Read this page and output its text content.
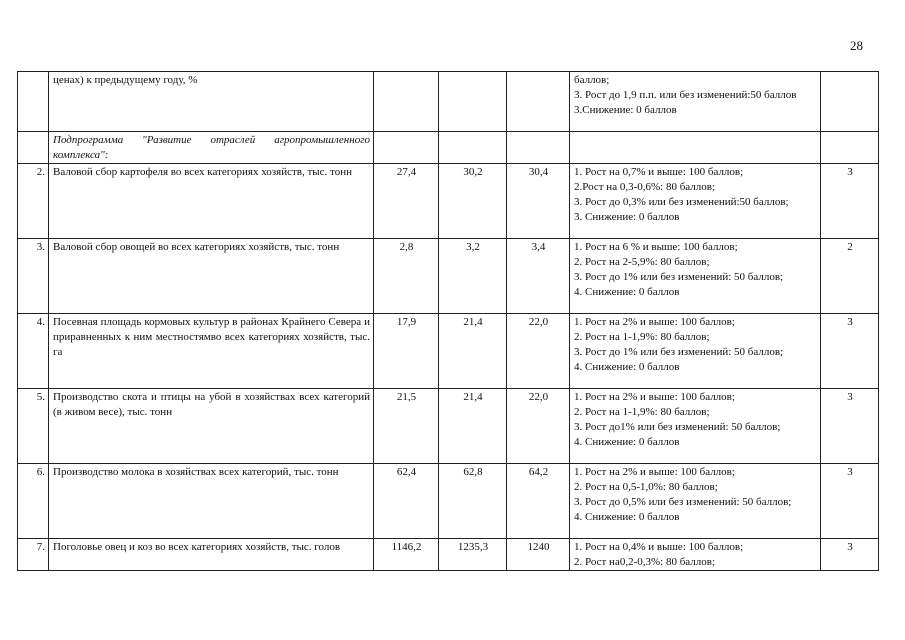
28
	ценах) к предыдущему году, %				баллов;
3. Рост до 1,9 п.п. или без изменений:50 баллов
3.Снижение: 0 баллов	

	Подпрограмма "Развитие отраслей агропромышленного комплекса":					
2.	Валовой сбор картофеля во всех категориях хозяйств, тыс. тонн	27,4	30,2	30,4	1. Рост на 0,7% и выше: 100 баллов;
2.Рост на 0,3-0,6%: 80 баллов;
3. Рост до 0,3% или без изменений:50 баллов;
3. Снижение: 0 баллов	3
3.	Валовой сбор овощей во всех категориях хозяйств, тыс. тонн	2,8	3,2	3,4	1. Рост на 6 % и выше: 100 баллов;
2. Рост на 2-5,9%: 80 баллов;
3. Рост до 1% или без изменений: 50 баллов;
4. Снижение: 0 баллов	2
4.	Посевная площадь кормовых культур в районах Крайнего Севера и приравненных к ним местностямво всех категориях хозяйств, тыс. га	17,9	21,4	22,0	1. Рост на 2% и выше: 100 баллов;
2. Рост на 1-1,9%: 80 баллов;
3. Рост до 1% или без изменений: 50 баллов;
4. Снижение: 0 баллов	3
5.	Производство скота и птицы на убой в хозяйствах всех категорий (в живом весе), тыс. тонн	21,5	21,4	22,0	1. Рост на 2% и выше: 100 баллов;
2. Рост на 1-1,9%: 80 баллов;
3. Рост до1% или без изменений: 50 баллов;
4. Снижение: 0 баллов	3
6.	Производство молока в хозяйствах всех категорий, тыс. тонн	62,4	62,8	64,2	1. Рост на 2% и выше: 100 баллов;
2. Рост на 0,5-1,0%: 80 баллов;
3. Рост до 0,5% или без изменений: 50 баллов;
4. Снижение: 0 баллов	3
7.	Поголовье овец и коз во всех категориях хозяйств, тыс. голов	1146,2	1235,3	1240	1. Рост на 0,4% и выше: 100 баллов;
2. Рост на0,2-0,3%: 80 баллов;	3
